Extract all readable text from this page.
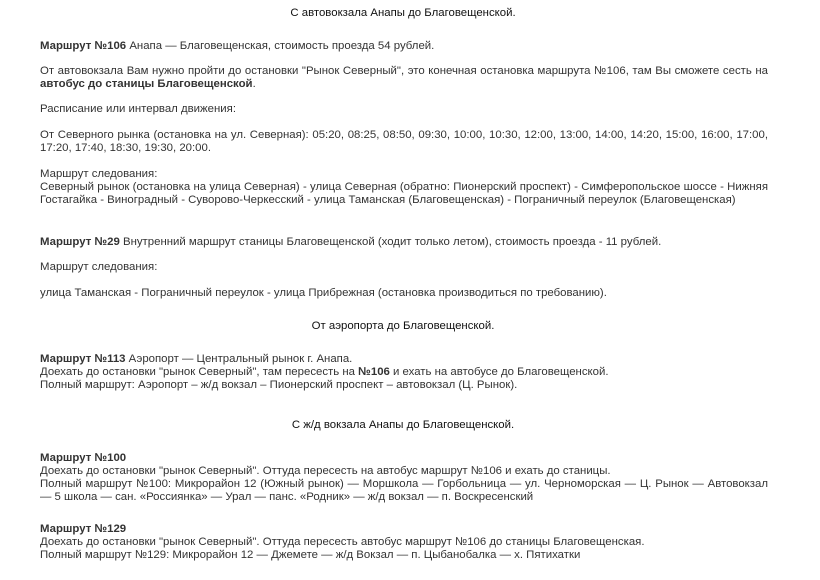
С автовокзала Анапы до Благовещенской.

Маршрут №106 Анапа — Благовещенская, стоимость проезда 54 рублей.

От автовокзала Вам нужно пройти до остановки "Рынок Северный", это конечная остановка маршрута №106, там Вы сможете сесть на автобус до станицы Благовещенской.

Расписание или интервал движения:

От Северного рынка (остановка на ул. Северная): 05:20, 08:25, 08:50, 09:30, 10:00, 10:30, 12:00, 13:00, 14:00, 14:20, 15:00, 16:00, 17:00, 17:20, 17:40, 18:30, 19:30, 20:00.

Маршрут следования:

Северный рынок (остановка на улица Северная) - улица Северная (обратно: Пионерский проспект) - Симферопольское шоссе - Нижняя Гостагайка - Виноградный - Суворово-Черкесский - улица Таманская (Благовещенская) - Пограничный переулок (Благовещенская)

Маршрут №29 Внутренний маршрут станицы Благовещенской (ходит только летом), стоимость проезда - 11 рублей.

Маршрут следования:

улица Таманская - Пограничный переулок - улица Прибрежная (остановка производиться по требованию).

От аэропорта до Благовещенской.

Маршрут №113 Аэропорт — Центральный рынок г. Анапа.

Доехать до остановки "рынок Северный", там пересесть на №106 и ехать на автобусе до Благовещенской.

Полный маршрут: Аэропорт – ж/д вокзал – Пионерский проспект – автовокзал (Ц. Рынок).

С ж/д вокзала Анапы до Благовещенской.

Маршрут №100

Доехать до остановки "рынок Северный". Оттуда пересесть на автобус маршрут №106 и ехать до станицы.

Полный маршрут №100: Микрорайон 12 (Южный рынок) — Моршкола — Горбольница — ул. Черноморская — Ц. Рынок — Автовокзал — 5 школа — сан. «Россиянка» — Урал — панс. «Родник» — ж/д вокзал — п. Воскресенский

Маршрут №129

Доехать до остановки "рынок Северный". Оттуда пересесть автобус маршрут №106 до станицы Благовещенская.

Полный маршрут №129: Микрорайон 12 — Джемете — ж/д Вокзал — п. Цыбанобалка — х. Пятихатки
